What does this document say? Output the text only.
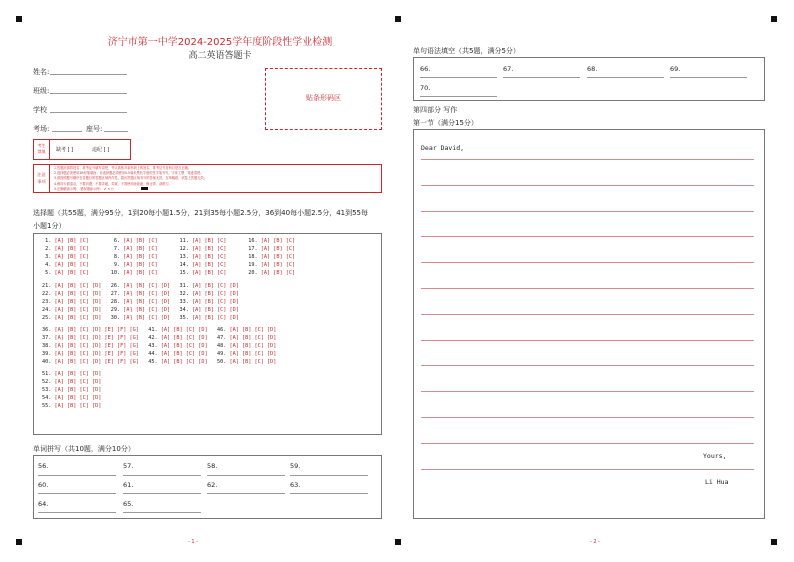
济宁市第一中学2024-2025学年度阶段性学业检测
高二英语答题卡
姓名:
班级:
学校
考场:	座号:
贴条形码区
考生
禁填	缺考 [ ]	违纪 [ ]
注意
事项
1.答题前请将姓名、准考证号填写清楚，并认真核对条形码上的姓名、准考证号及科目是否正确。
2.选择题必须使用2B铅笔填涂；非选择题必须使用0.5毫米黑色字迹的签字笔书写，字体工整、笔迹清楚。
3.请按照题号顺序在各题目的答题区域内作答，超出答题区域书写的答案无效，在草稿纸、试卷上答题无效。
4.保持卡面清洁，不要折叠、不要弄破、弄皱，不准使用涂改液、修正带、刮纸刀。
5.正确填涂示例： 错误填涂示例： ✔ ✕ ○
选择题（共55题，满分95分，1到20每小题1.5分，21到35每小题2.5分，36到40每小题2.5分，41到55每
小题1分）
1. [A] [B] [C]        6. [A] [B] [C]       11. [A] [B] [C]       16. [A] [B] [C]
2. [A] [B] [C]        7. [A] [B] [C]       12. [A] [B] [C]       17. [A] [B] [C]
3. [A] [B] [C]        8. [A] [B] [C]       13. [A] [B] [C]       18. [A] [B] [C]
4. [A] [B] [C]        9. [A] [B] [C]       14. [A] [B] [C]       19. [A] [B] [C]
5. [A] [B] [C]       10. [A] [B] [C]       15. [A] [B] [C]       20. [A] [B] [C]
21. [A] [B] [C] [D]   26. [A] [B] [C] [D]   31. [A] [B] [C] [D]
22. [A] [B] [C] [D]   27. [A] [B] [C] [D]   32. [A] [B] [C] [D]
23. [A] [B] [C] [D]   28. [A] [B] [C] [D]   33. [A] [B] [C] [D]
24. [A] [B] [C] [D]   29. [A] [B] [C] [D]   34. [A] [B] [C] [D]
25. [A] [B] [C] [D]   30. [A] [B] [C] [D]   35. [A] [B] [C] [D]
36. [A] [B] [C] [D] [E] [F] [G]   41. [A] [B] [C] [D]   46. [A] [B] [C] [D]
37. [A] [B] [C] [D] [E] [F] [G]   42. [A] [B] [C] [D]   47. [A] [B] [C] [D]
38. [A] [B] [C] [D] [E] [F] [G]   43. [A] [B] [C] [D]   48. [A] [B] [C] [D]
39. [A] [B] [C] [D] [E] [F] [G]   44. [A] [B] [C] [D]   49. [A] [B] [C] [D]
40. [A] [B] [C] [D] [E] [F] [G]   45. [A] [B] [C] [D]   50. [A] [B] [C] [D]
51. [A] [B] [C] [D]
52. [A] [B] [C] [D]
53. [A] [B] [C] [D]
54. [A] [B] [C] [D]
55. [A] [B] [C] [D]
单词拼写（共10题，满分10分）
56.	57.	58.	59.
60.	61.	62.	63.
64.	65.
- 1 -
单句语法填空（共5题，满分5分）
66.	67.	68.	69.
70.
第四部分 写作
第一节（满分15分）
Dear David,
Yours,
Li Hua
- 2 -
